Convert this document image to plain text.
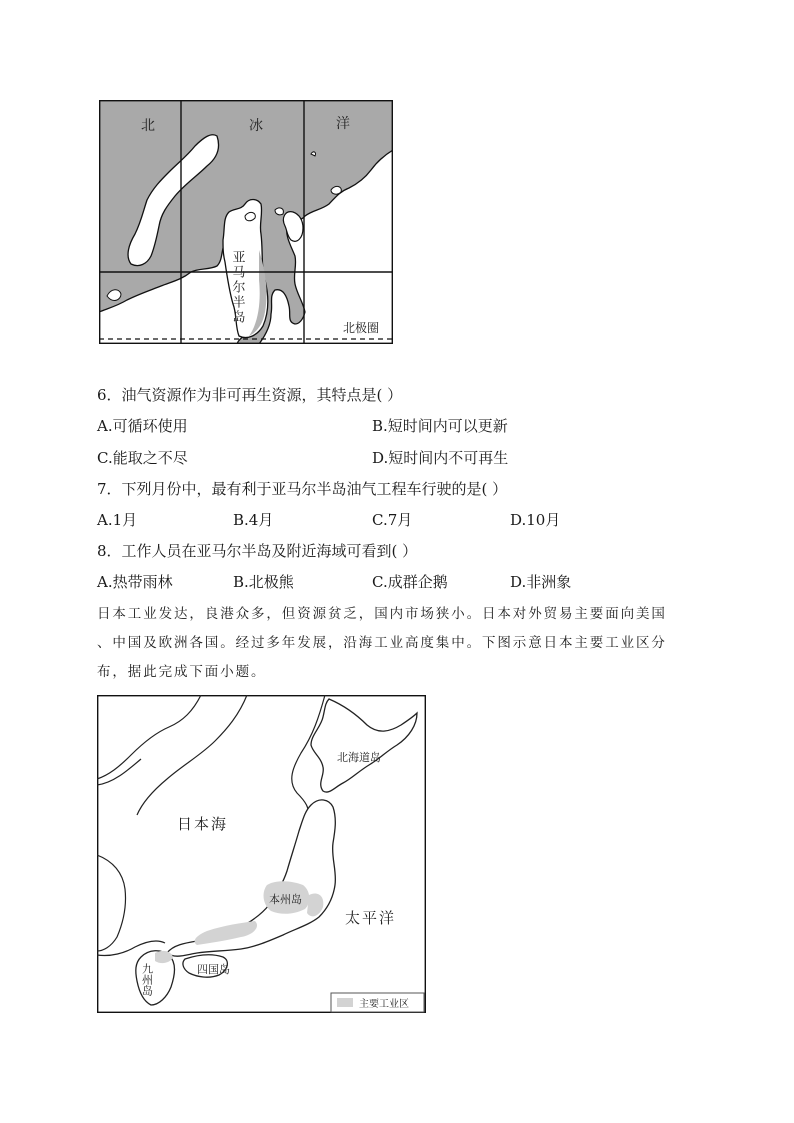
北	冰	洋
亚马尔半岛
北极圈
6．油气资源作为非可再生资源，其特点是( ）
A.可循环使用	B.短时间内可以更新
C.能取之不尽	D.短时间内不可再生
7．下列月份中，最有利于亚马尔半岛油气工程车行驶的是( ）
A.1月	B.4月	C.7月	D.10月
8．工作人员在亚马尔半岛及附近海域可看到( ）
A.热带雨林	B.北极熊	C.成群企鹅	D.非洲象
日本工业发达，良港众多，但资源贫乏，国内市场狭小。日本对外贸易主要面向美国
、中国及欧洲各国。经过多年发展，沿海工业高度集中。下图示意日本主要工业区分
布，据此完成下面小题。
主要工业区
日本海
北海道岛
本州岛
太平洋
四国岛
九州岛
